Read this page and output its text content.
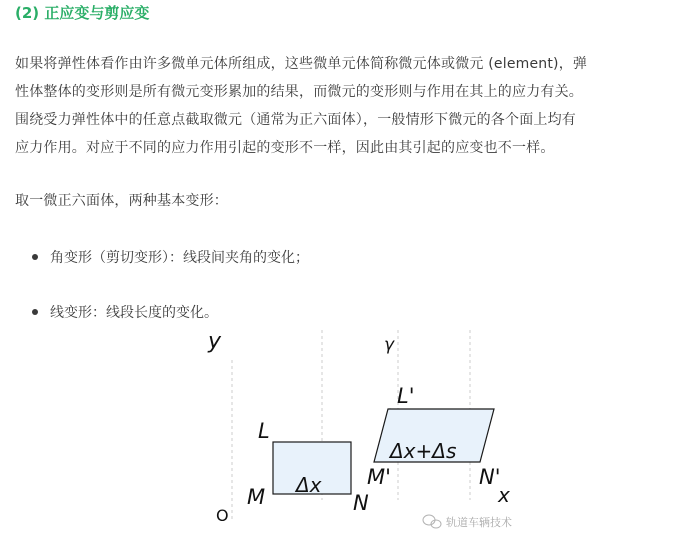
(2) 正应变与剪应变
如果将弹性体看作由许多微单元体所组成，这些微单元体简称微元体或微元 (element)，弹
性体整体的变形则是所有微元变形累加的结果，而微元的变形则与作用在其上的应力有关。
围绕受力弹性体中的任意点截取微元（通常为正六面体），一般情形下微元的各个面上均有
应力作用。对应于不同的应力作用引起的变形不一样，因此由其引起的应变也不一样。
取一微正六面体，两种基本变形：
角变形（剪切变形）：线段间夹角的变化；
线变形：线段长度的变化。
y	γ
L'
L
Δx+Δs
Δx M'	N'
M	N	x
O	轨道车辆技术
